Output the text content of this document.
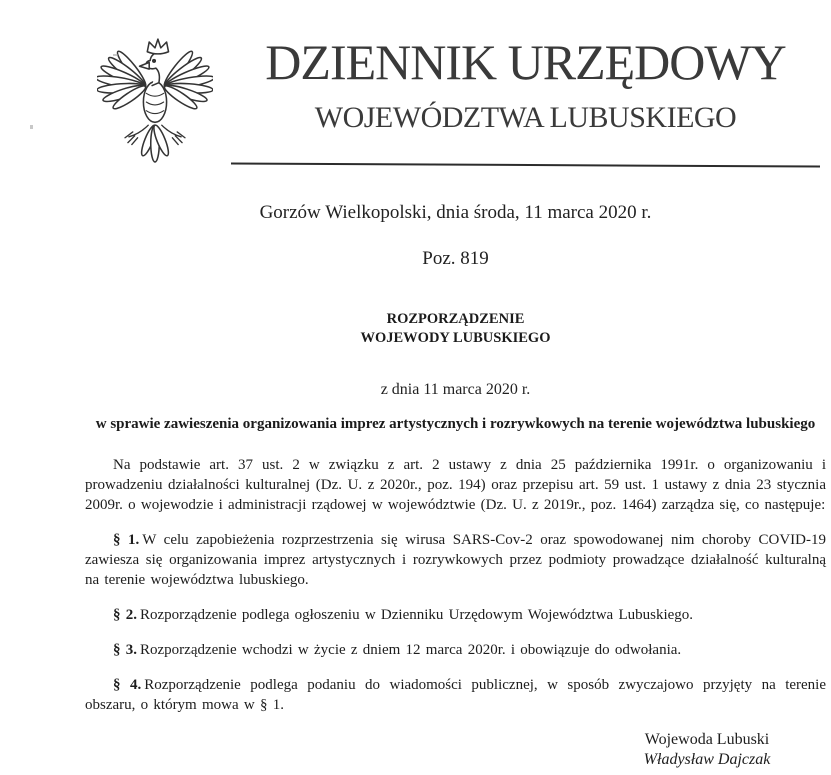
DZIENNIK URZĘDOWY
WOJEWÓDZTWA LUBUSKIEGO
Gorzów Wielkopolski, dnia środa, 11 marca 2020 r.
Poz. 819
ROZPORZĄDZENIE
WOJEWODY LUBUSKIEGO
z dnia 11 marca 2020 r.
w sprawie zawieszenia organizowania imprez artystycznych i rozrywkowych na terenie województwa lubuskiego

Na podstawie art. 37 ust. 2 w związku z art. 2 ustawy z dnia 25 października 1991r. o organizowaniu i prowadzeniu działalności kulturalnej (Dz. U. z 2020r., poz. 194) oraz przepisu art. 59 ust. 1 ustawy z dnia 23 stycznia 2009r. o wojewodzie i administracji rządowej w województwie (Dz. U. z 2019r., poz. 1464) zarządza się, co następuje:

§ 1. W celu zapobieżenia rozprzestrzenia się wirusa SARS-Cov-2 oraz spowodowanej nim choroby COVID-19 zawiesza się organizowania imprez artystycznych i rozrywkowych przez podmioty prowadzące działalność kulturalną na terenie województwa lubuskiego.

§ 2. Rozporządzenie podlega ogłoszeniu w Dzienniku Urzędowym Województwa Lubuskiego.

§ 3. Rozporządzenie wchodzi w życie z dniem 12 marca 2020r. i obowiązuje do odwołania.

§ 4. Rozporządzenie podlega podaniu do wiadomości publicznej, w sposób zwyczajowo przyjęty na terenie obszaru, o którym mowa w § 1.

Wojewoda Lubuski
Władysław Dajczak
